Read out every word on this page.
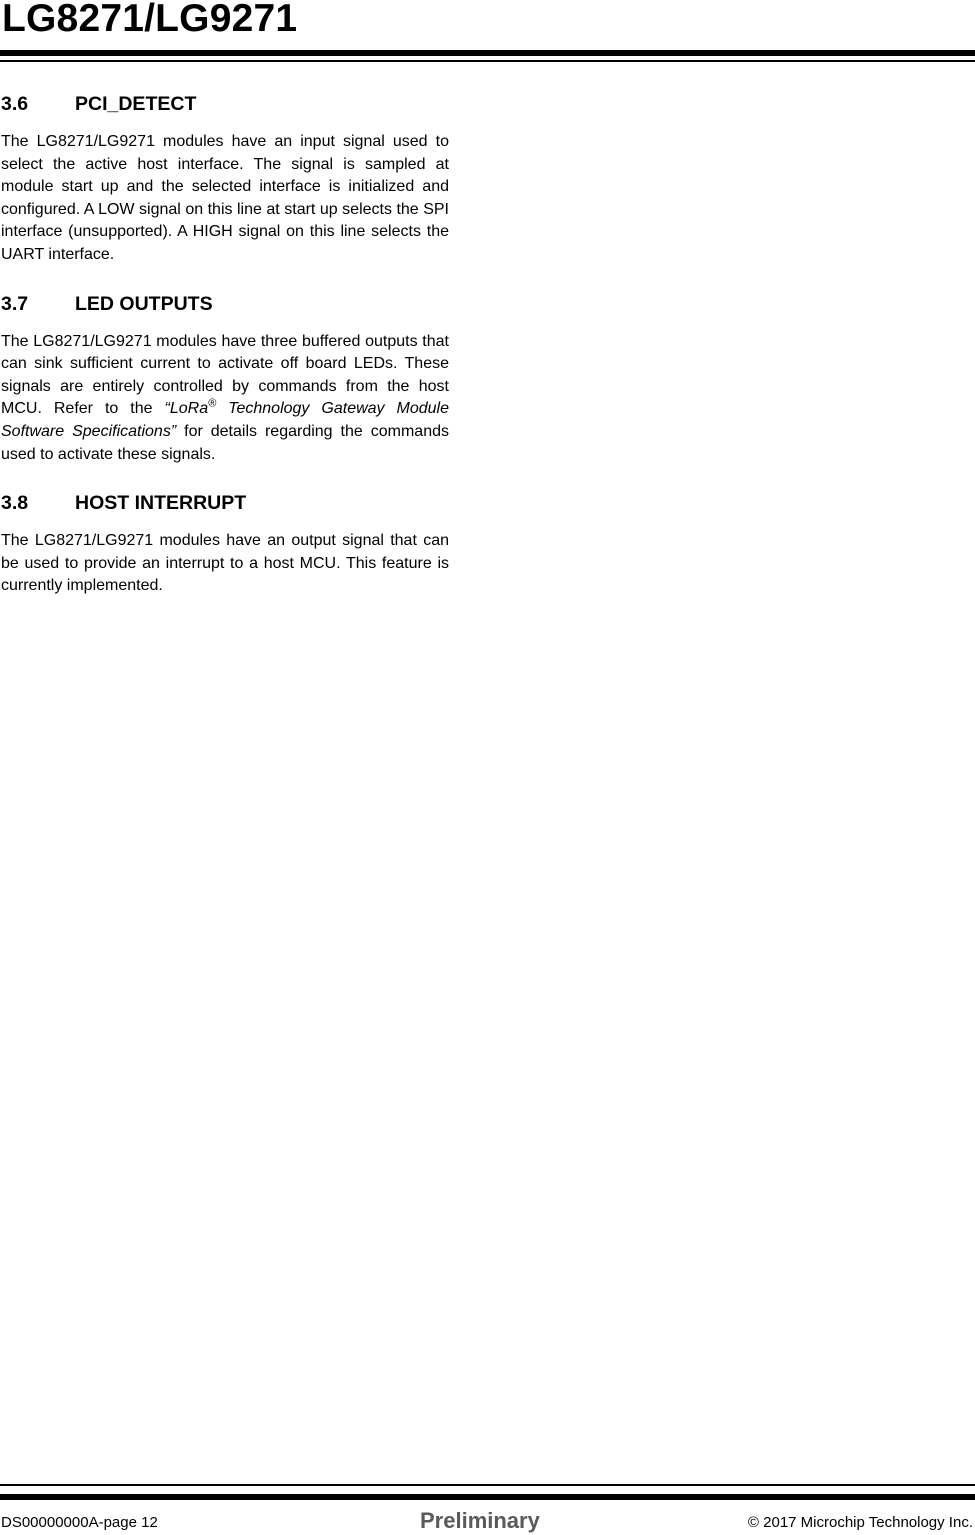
LG8271/LG9271
3.6 PCI_DETECT

The LG8271/LG9271 modules have an input signal used to select the active host interface. The signal is sampled at module start up and the selected interface is initialized and configured. A LOW signal on this line at start up selects the SPI interface (unsupported). A HIGH signal on this line selects the UART interface.

3.7 LED OUTPUTS

The LG8271/LG9271 modules have three buffered outputs that can sink sufficient current to activate off board LEDs. These signals are entirely controlled by commands from the host MCU. Refer to the “LoRa® Technology Gateway Module Software Specifications” for details regarding the commands used to activate these signals.

3.8 HOST INTERRUPT

The LG8271/LG9271 modules have an output signal that can be used to provide an interrupt to a host MCU. This feature is currently implemented.

DS00000000A-page 12	Preliminary	© 2017 Microchip Technology Inc.
